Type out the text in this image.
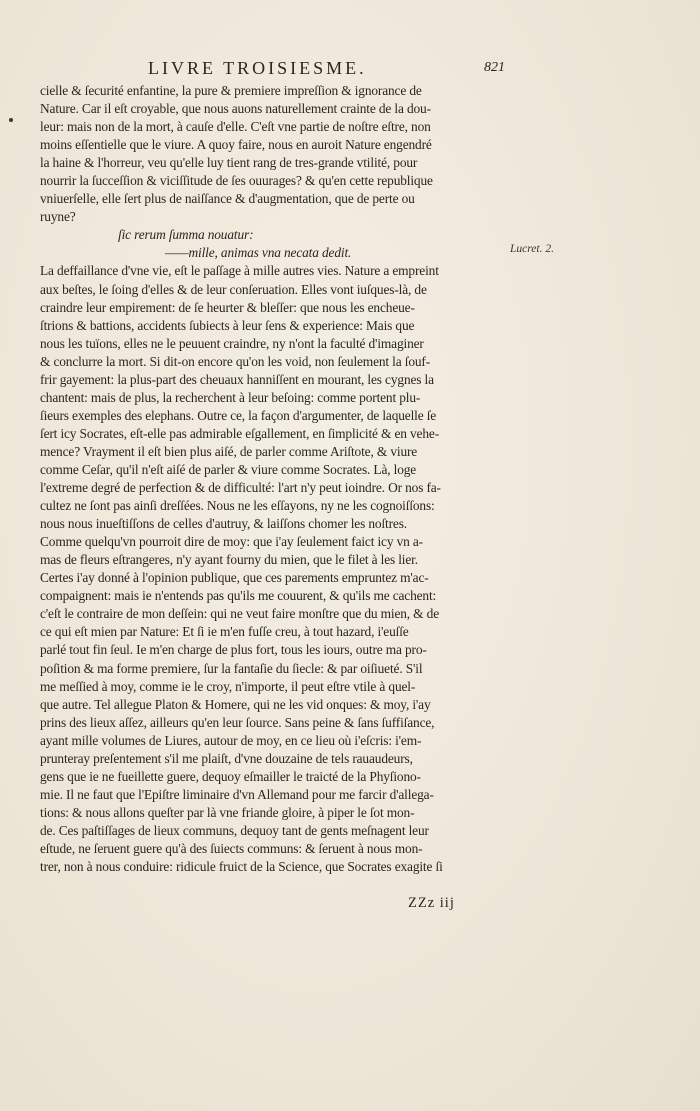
LIVRE TROISIESME.	821
cielle & ſecurité enfantine, la pure & premiere impreſſion & ignorance de
Nature. Car il eſt croyable, que nous auons naturellement crainte de la dou-
leur: mais non de la mort, à cauſe d'elle. C'eſt vne partie de noſtre eſtre, non
moins eſſentielle que le viure. A quoy faire, nous en auroit Nature engendré
la haine & l'horreur, veu qu'elle luy tient rang de tres-grande vtilité, pour
nourrir la ſucceſſion & viciſſitude de ſes ouurages? & qu'en cette republique
vniuerſelle, elle ſert plus de naiſſance & d'augmentation, que de perte ou
ruyne?
ſic rerum ſumma nouatur:
——mille, animas vna necata dedit.
La deffaillance d'vne vie, eſt le paſſage à mille autres vies. Nature a empreint
aux beſtes, le ſoing d'elles & de leur conſeruation. Elles vont iuſques-là, de
craindre leur empirement: de ſe heurter & bleſſer: que nous les encheue-
ſtrions & battions, accidents ſubiects à leur ſens & experience: Mais que
nous les tuïons, elles ne le peuuent craindre, ny n'ont la faculté d'imaginer
& conclurre la mort. Si dit-on encore qu'on les void, non ſeulement la ſouf-
frir gayement: la plus-part des cheuaux hanniſſent en mourant, les cygnes la
chantent: mais de plus, la recherchent à leur beſoing: comme portent plu-
ſieurs exemples des elephans. Outre ce, la façon d'argumenter, de laquelle ſe
ſert icy Socrates, eſt-elle pas admirable eſgallement, en ſimplicité & en vehe-
mence? Vrayment il eſt bien plus aiſé, de parler comme Ariſtote, & viure
comme Ceſar, qu'il n'eſt aiſé de parler & viure comme Socrates. Là, loge
l'extreme degré de perfection & de difficulté: l'art n'y peut ioindre. Or nos fa-
cultez ne ſont pas ainſi dreſſées. Nous ne les eſſayons, ny ne les cognoiſſons:
nous nous inueſtiſſons de celles d'autruy, & laiſſons chomer les noſtres.
Comme quelqu'vn pourroit dire de moy: que i'ay ſeulement faict icy vn a-
mas de fleurs eſtrangeres, n'y ayant fourny du mien, que le filet à les lier.
Certes i'ay donné à l'opinion publique, que ces parements empruntez m'ac-
compaignent: mais ie n'entends pas qu'ils me couurent, & qu'ils me cachent:
c'eſt le contraire de mon deſſein: qui ne veut faire monſtre que du mien, & de
ce qui eſt mien par Nature: Et ſi ie m'en fuſſe creu, à tout hazard, i'euſſe
parlé tout fin ſeul. Ie m'en charge de plus fort, tous les iours, outre ma pro-
poſition & ma forme premiere, ſur la fantaſie du ſiecle: & par oiſiueté. S'il
me meſſied à moy, comme ie le croy, n'importe, il peut eſtre vtile à quel-
que autre. Tel allegue Platon & Homere, qui ne les vid onques: & moy, i'ay
prins des lieux aſſez, ailleurs qu'en leur ſource. Sans peine & ſans ſuffiſance,
ayant mille volumes de Liures, autour de moy, en ce lieu où i'eſcris: i'em-
prunteray preſentement s'il me plaiſt, d'vne douzaine de tels rauaudeurs,
gens que ie ne fueillette guere, dequoy eſmailler le traicté de la Phyſiono-
mie. Il ne faut que l'Epiſtre liminaire d'vn Allemand pour me farcir d'allega-
tions: & nous allons queſter par là vne friande gloire, à piper le ſot mon-
de. Ces paſtiſſages de lieux communs, dequoy tant de gents meſnagent leur
eſtude, ne ſeruent guere qu'à des ſuiects communs: & ſeruent à nous mon-
trer, non à nous conduire: ridicule fruict de la Science, que Socrates exagite ſi
Lucret. 2.
ZZz iij
